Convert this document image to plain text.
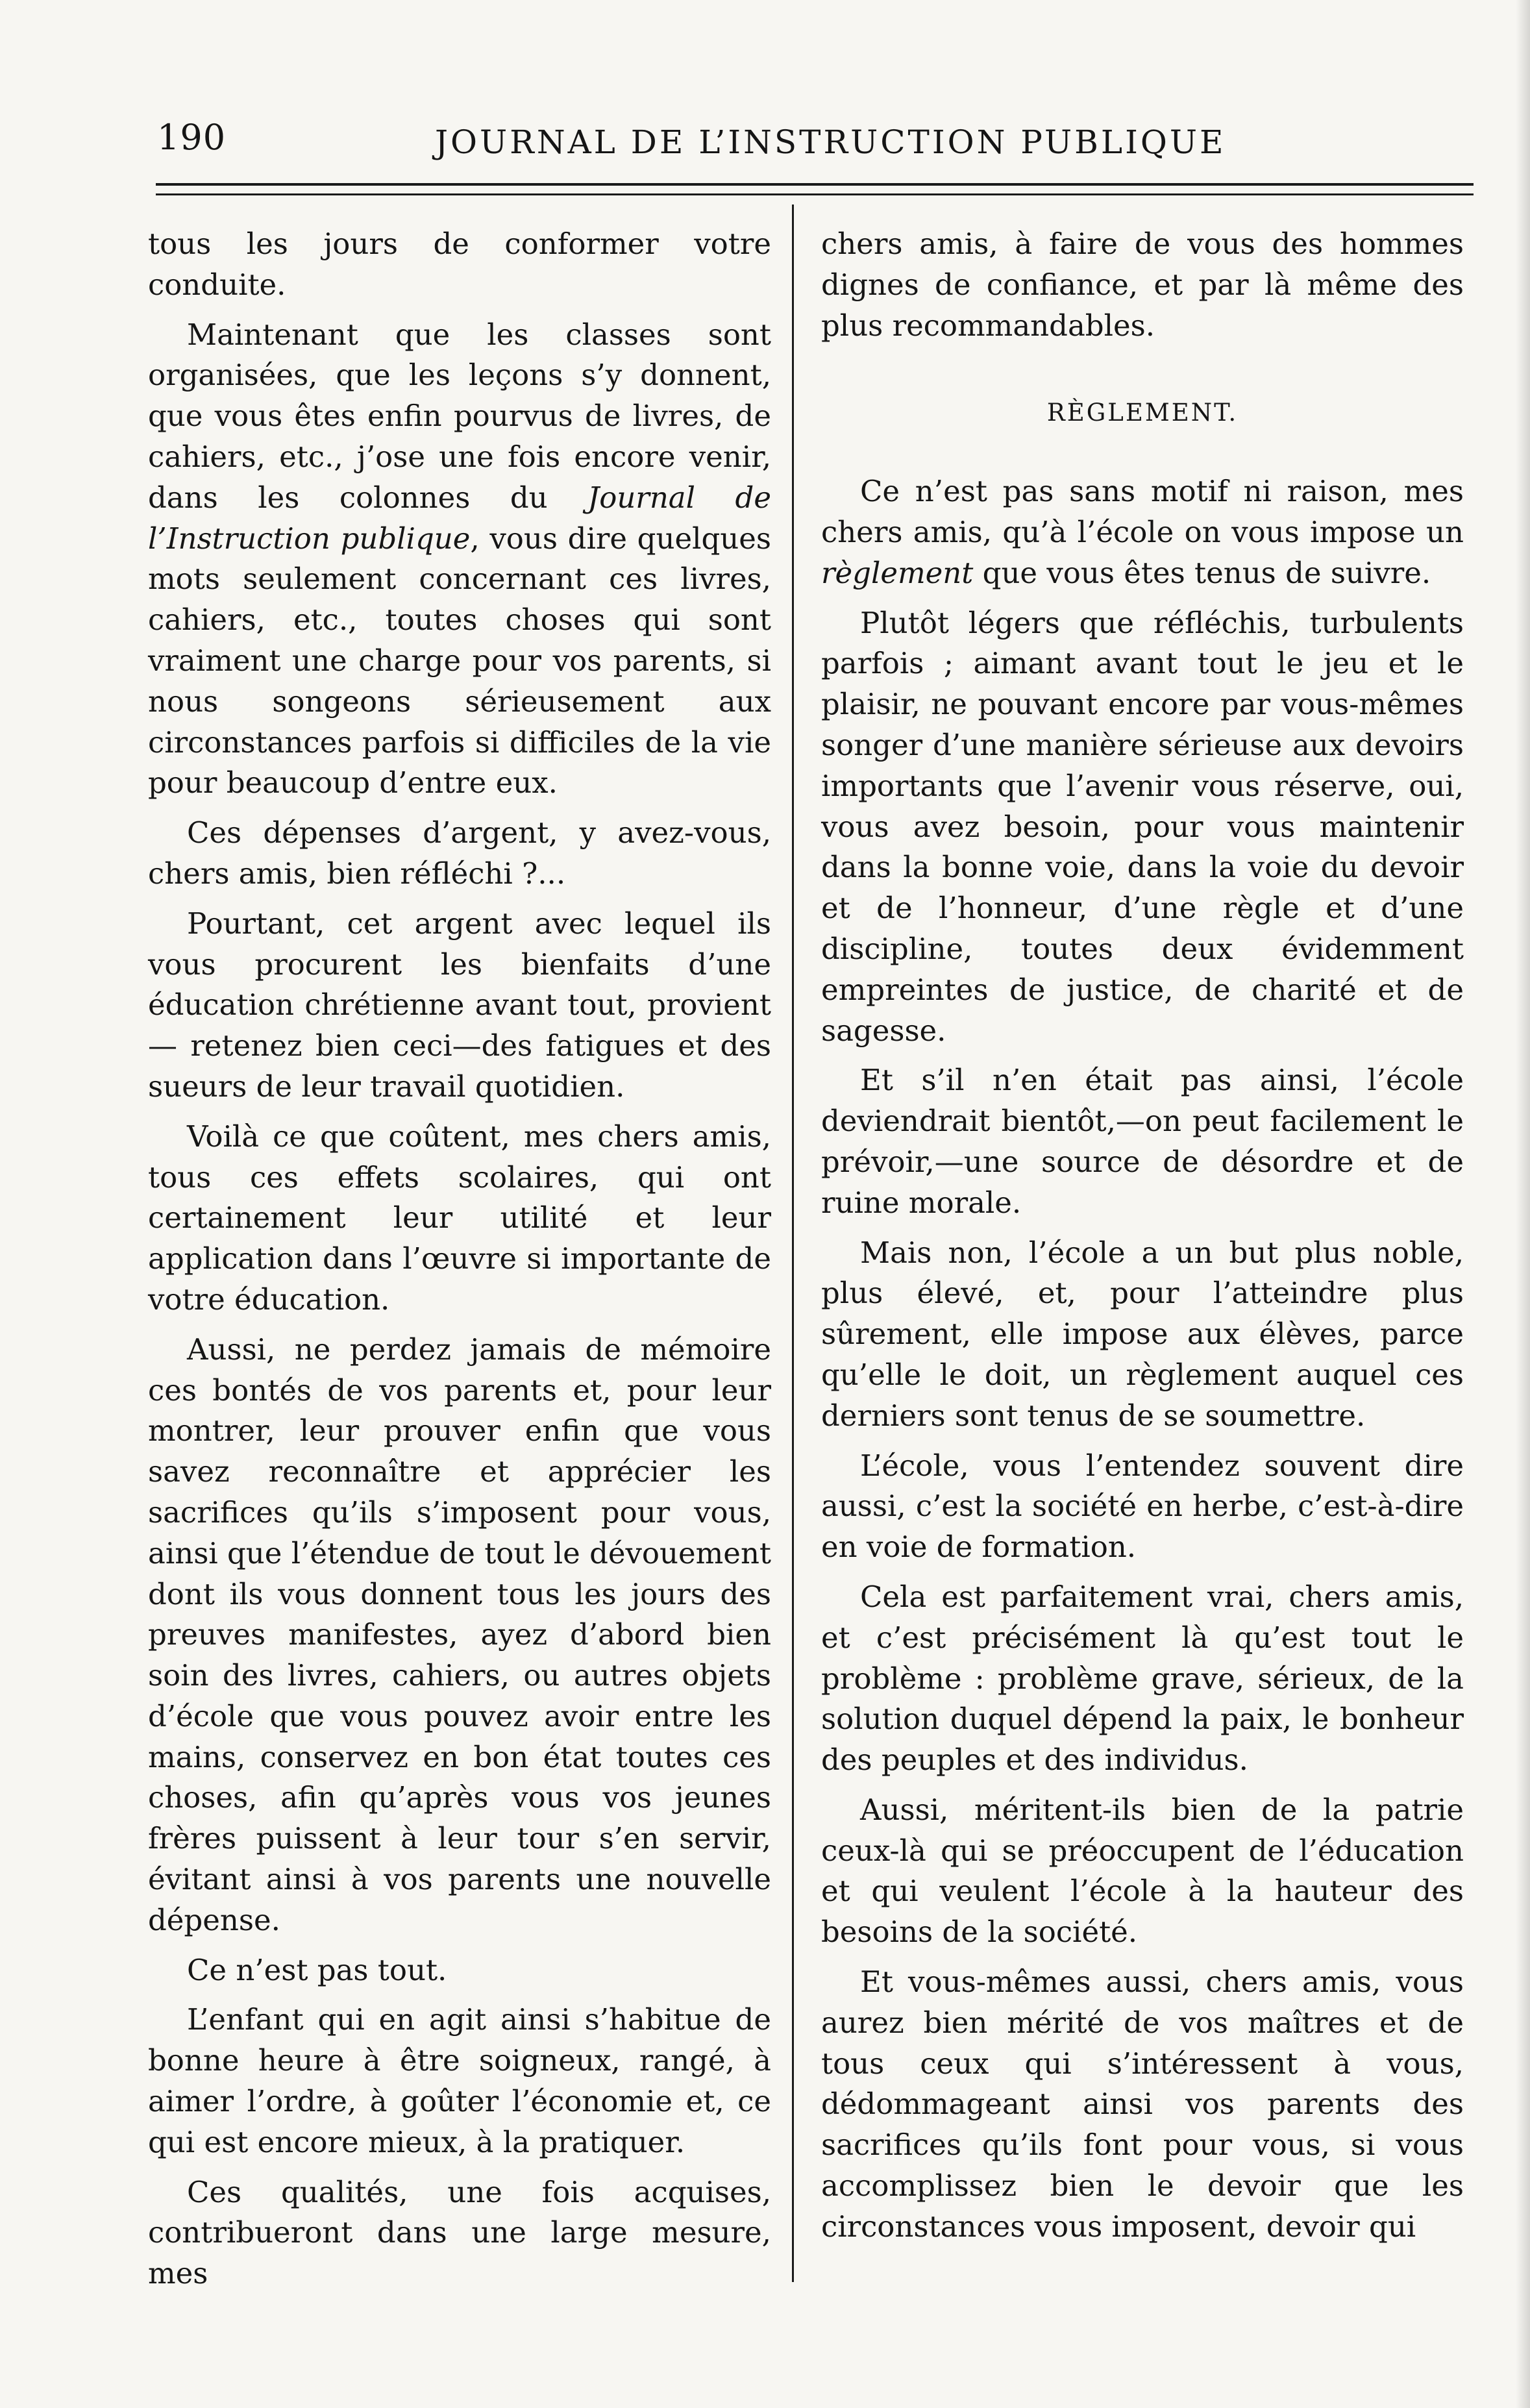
190	JOURNAL DE L’INSTRUCTION PUBLIQUE

tous les jours de conformer votre conduite.

Maintenant que les classes sont organisées, que les leçons s’y donnent, que vous êtes enfin pourvus de livres, de cahiers, etc., j’ose une fois encore venir, dans les colonnes du Journal de l’Instruction publique, vous dire quelques mots seulement concernant ces livres, cahiers, etc., toutes choses qui sont vraiment une charge pour vos parents, si nous songeons sérieusement aux circonstances parfois si difficiles de la vie pour beaucoup d’entre eux.

Ces dépenses d’argent, y avez-vous, chers amis, bien réfléchi ?...

Pourtant, cet argent avec lequel ils vous procurent les bienfaits d’une éducation chrétienne avant tout, provient— retenez bien ceci—des fatigues et des sueurs de leur travail quotidien.

Voilà ce que coûtent, mes chers amis, tous ces effets scolaires, qui ont certainement leur utilité et leur application dans l’œuvre si importante de votre éducation.

Aussi, ne perdez jamais de mémoire ces bontés de vos parents et, pour leur montrer, leur prouver enfin que vous savez reconnaître et apprécier les sacrifices qu’ils s’imposent pour vous, ainsi que l’étendue de tout le dévouement dont ils vous donnent tous les jours des preuves manifestes, ayez d’abord bien soin des livres, cahiers, ou autres objets d’école que vous pouvez avoir entre les mains, conservez en bon état toutes ces choses, afin qu’après vous vos jeunes frères puissent à leur tour s’en servir, évitant ainsi à vos parents une nouvelle dépense.

Ce n’est pas tout.

L’enfant qui en agit ainsi s’habitue de bonne heure à être soigneux, rangé, à aimer l’ordre, à goûter l’économie et, ce qui est encore mieux, à la pratiquer.

Ces qualités, une fois acquises, contribueront dans une large mesure, mes

chers amis, à faire de vous des hommes dignes de confiance, et par là même des plus recommandables.

RÈGLEMENT.

Ce n’est pas sans motif ni raison, mes chers amis, qu’à l’école on vous impose un règlement que vous êtes tenus de suivre.

Plutôt légers que réfléchis, turbulents parfois ; aimant avant tout le jeu et le plaisir, ne pouvant encore par vous-mêmes songer d’une manière sérieuse aux devoirs importants que l’avenir vous réserve, oui, vous avez besoin, pour vous maintenir dans la bonne voie, dans la voie du devoir et de l’honneur, d’une règle et d’une discipline, toutes deux évidemment empreintes de justice, de charité et de sagesse.

Et s’il n’en était pas ainsi, l’école deviendrait bientôt,—on peut facilement le prévoir,—une source de désordre et de ruine morale.

Mais non, l’école a un but plus noble, plus élevé, et, pour l’atteindre plus sûrement, elle impose aux élèves, parce qu’elle le doit, un règlement auquel ces derniers sont tenus de se soumettre.

L’école, vous l’entendez souvent dire aussi, c’est la société en herbe, c’est-à-dire en voie de formation.

Cela est parfaitement vrai, chers amis, et c’est précisément là qu’est tout le problème : problème grave, sérieux, de la solution duquel dépend la paix, le bonheur des peuples et des individus.

Aussi, méritent-ils bien de la patrie ceux-là qui se préoccupent de l’éducation et qui veulent l’école à la hauteur des besoins de la société.

Et vous-mêmes aussi, chers amis, vous aurez bien mérité de vos maîtres et de tous ceux qui s’intéressent à vous, dédommageant ainsi vos parents des sacrifices qu’ils font pour vous, si vous accomplissez bien le devoir que les circonstances vous imposent, devoir qui
